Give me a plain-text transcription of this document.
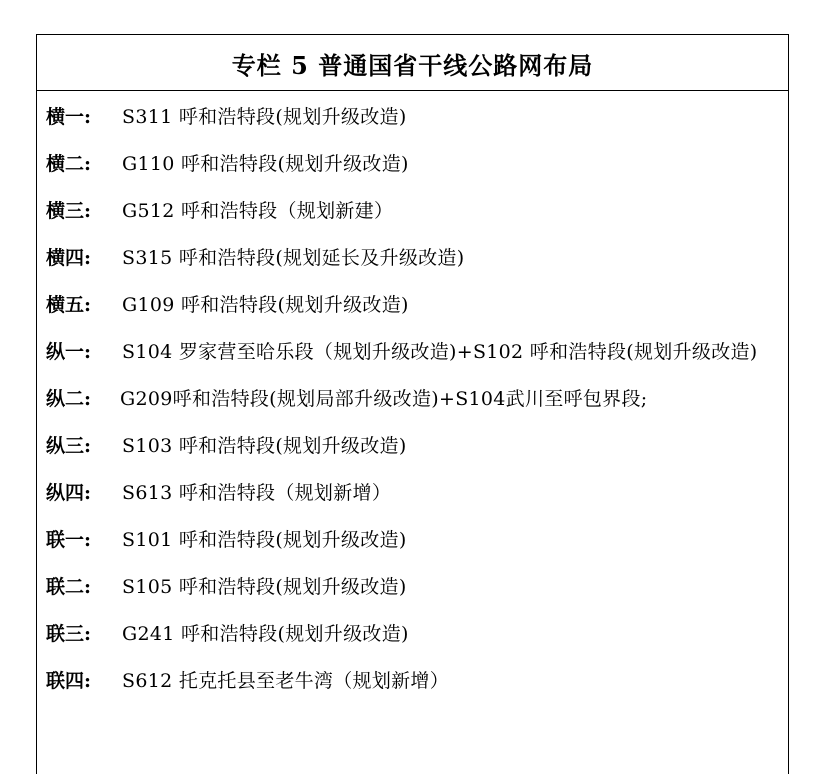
专栏 5 普通国省干线公路网布局
横一:	S311 呼和浩特段(规划升级改造)
横二:	G110 呼和浩特段(规划升级改造)
横三:	G512 呼和浩特段（规划新建）
横四:	S315 呼和浩特段(规划延长及升级改造)
横五:	G109 呼和浩特段(规划升级改造)
纵一:	S104 罗家营至哈乐段（规划升级改造)+S102 呼和浩特段(规划升级改造)
纵二:	G209呼和浩特段(规划局部升级改造)+S104武川至呼包界段;
纵三:	S103 呼和浩特段(规划升级改造)
纵四:	S613 呼和浩特段（规划新增）
联一:	S101 呼和浩特段(规划升级改造)
联二:	S105 呼和浩特段(规划升级改造)
联三:	G241 呼和浩特段(规划升级改造)
联四:	S612 托克托县至老牛湾（规划新增）
